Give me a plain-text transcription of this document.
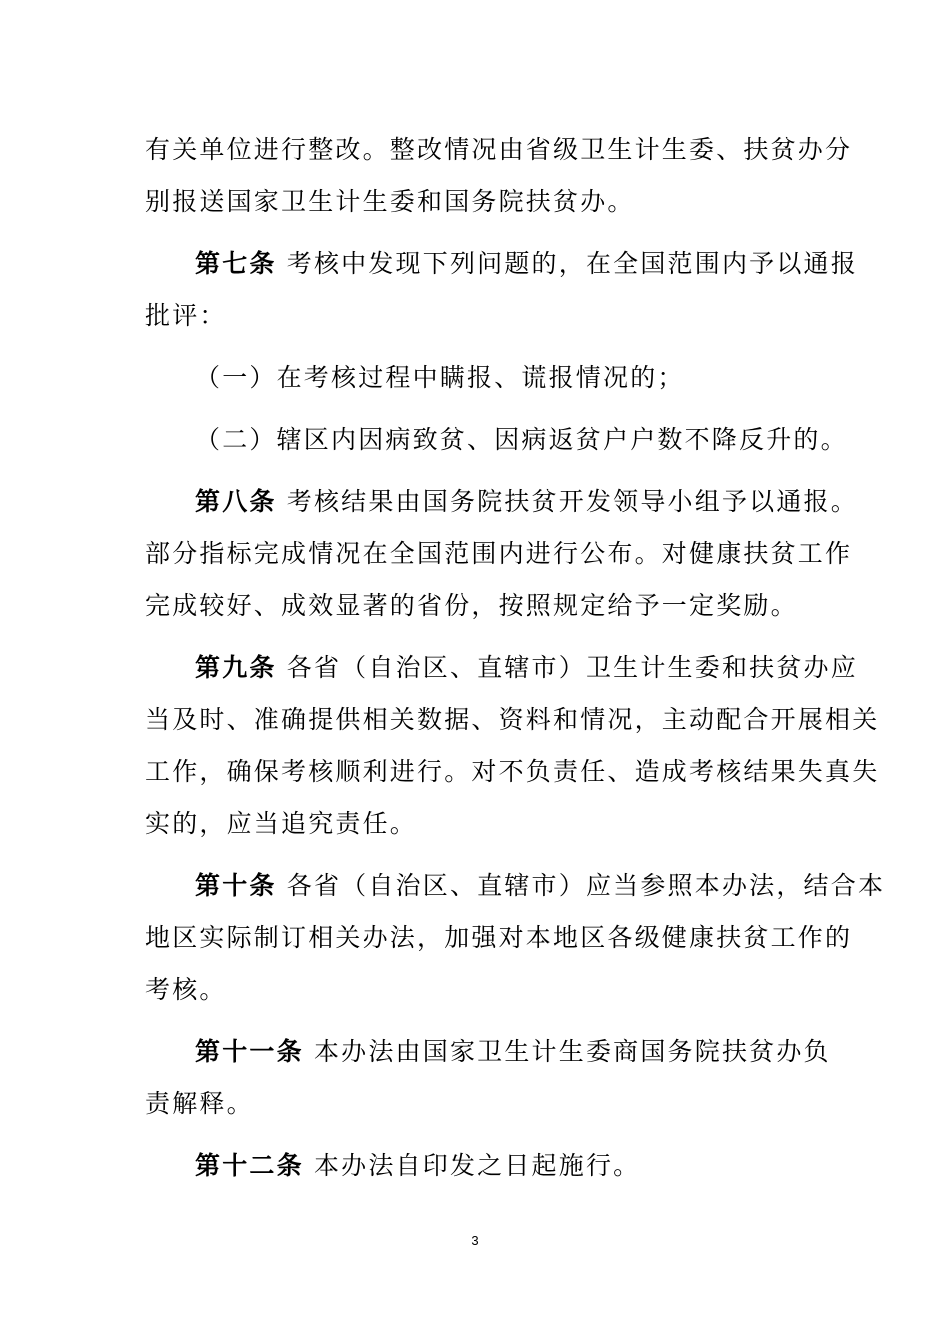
有关单位进行整改。整改情况由省级卫生计生委、扶贫办分

别报送国家卫生计生委和国务院扶贫办。

第七条 考核中发现下列问题的，在全国范围内予以通报

批评：

（一）在考核过程中瞒报、谎报情况的；

（二）辖区内因病致贫、因病返贫户户数不降反升的。

第八条 考核结果由国务院扶贫开发领导小组予以通报。

部分指标完成情况在全国范围内进行公布。对健康扶贫工作

完成较好、成效显著的省份，按照规定给予一定奖励。

第九条 各省（自治区、直辖市）卫生计生委和扶贫办应

当及时、准确提供相关数据、资料和情况，主动配合开展相关

工作，确保考核顺利进行。对不负责任、造成考核结果失真失

实的，应当追究责任。

第十条 各省（自治区、直辖市）应当参照本办法，结合本

地区实际制订相关办法，加强对本地区各级健康扶贫工作的

考核。

第十一条 本办法由国家卫生计生委商国务院扶贫办负

责解释。

第十二条 本办法自印发之日起施行。

3
